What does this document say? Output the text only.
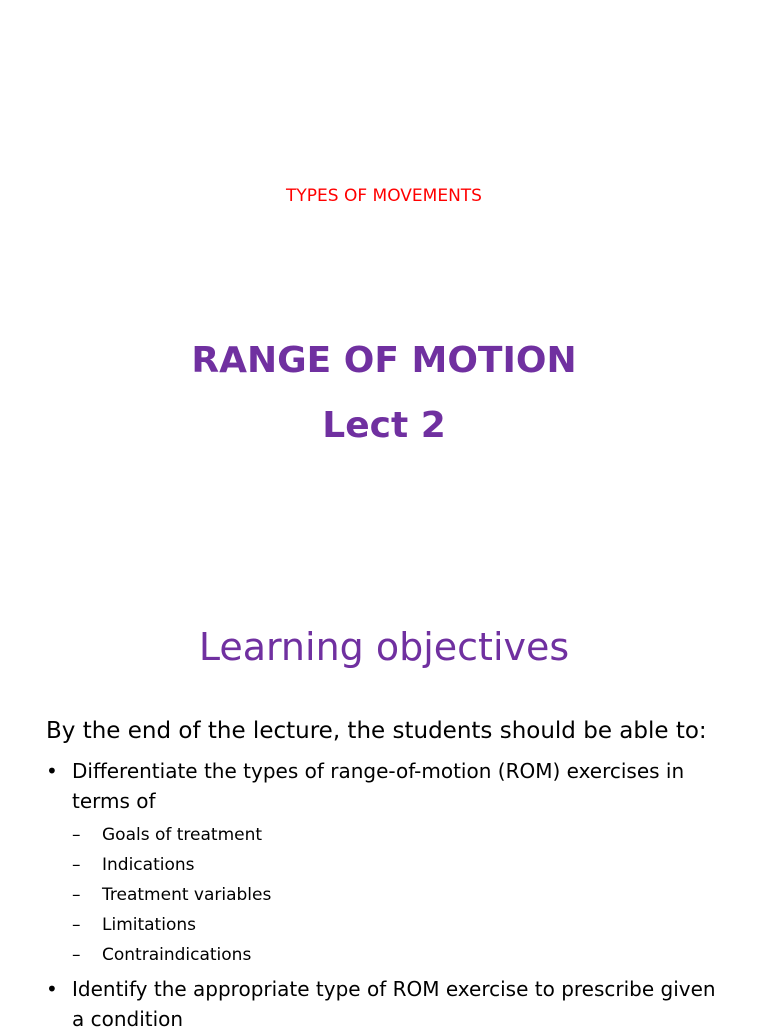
TYPES OF MOVEMENTS
RANGE OF MOTION
Lect 2
Learning objectives
By the end of the lecture, the students should be able to:
• Differentiate the types of range-of-motion (ROM) exercises in terms of
– Goals of treatment
– Indications
– Treatment variables
– Limitations
– Contraindications
• Identify the appropriate type of ROM exercise to prescribe given a condition
